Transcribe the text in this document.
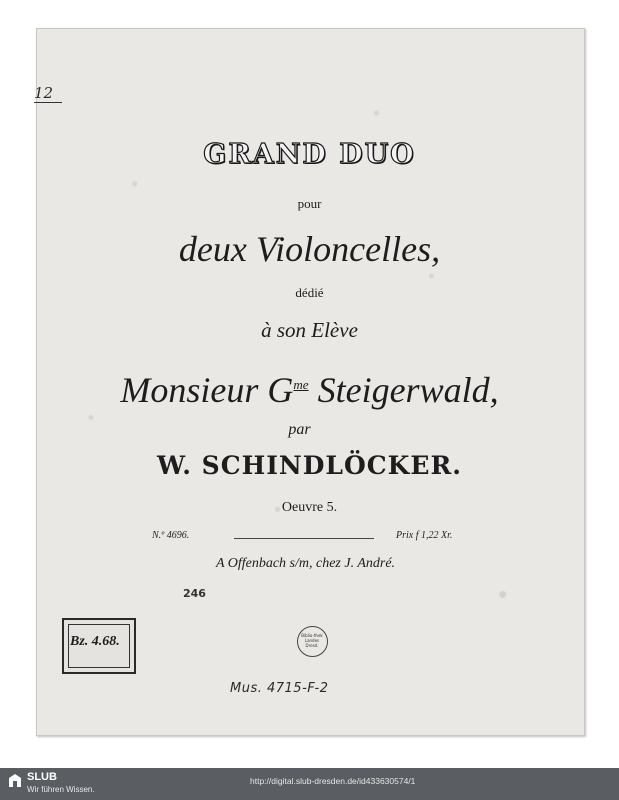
12
GRAND DUO
pour
deux Violoncelles,
dédié
à son Elève
Monsieur $G^{me}$ Steigerwald,
par
W. SCHINDLÖCKER.
Oeuvre 5.
N.º 4696.	Prix f 1,22 Xr.
A Offenbach s/m, chez J. André.
246
Bz. 4.68.	Biblio-thek Landes Dresd.
Mus. 4715-F-2
SLUB
Wir führen Wissen.
http://digital.slub-dresden.de/id433630574/1
